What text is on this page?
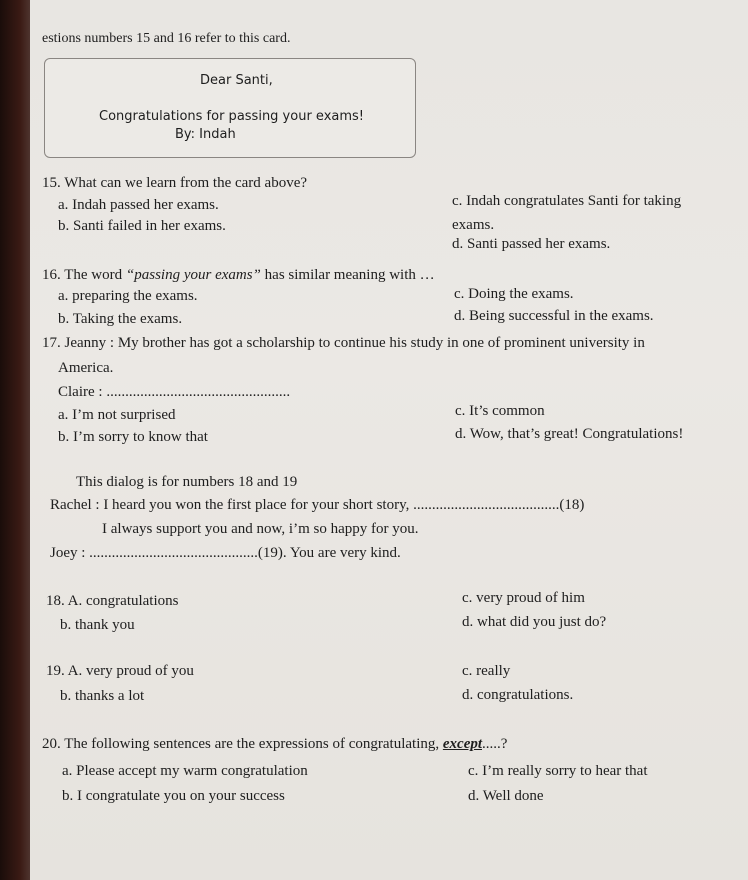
estions numbers 15 and 16 refer to this card.
Dear Santi,
Congratulations for passing your exams!
By: Indah
15. What can we learn from the card above?
a. Indah passed her exams.
b. Santi failed in her exams.
c. Indah congratulates Santi for taking
exams.
d. Santi passed her exams.
16. The word “passing your exams” has similar meaning with …
a. preparing the exams.
b. Taking the exams.
c. Doing the exams.
d. Being successful in the exams.
17. Jeanny : My brother has got a scholarship to continue his study in one of prominent university in
America.
Claire : .................................................
a. I’m not surprised
b. I’m sorry to know that
c. It’s common
d. Wow, that’s great! Congratulations!
This dialog is for numbers 18 and 19
Rachel : I heard you won the first place for your short story, .......................................(18)
I always support you and now, i’m so happy for you.
Joey : .............................................(19). You are very kind.
18. A. congratulations
b. thank you
c. very proud of him
d. what did you just do?
19. A. very proud of you
b. thanks a lot
c. really
d. congratulations.
20. The following sentences are the expressions of congratulating, except.....?
a. Please accept my warm congratulation
b. I congratulate you on your success
c. I’m really sorry to hear that
d. Well done
